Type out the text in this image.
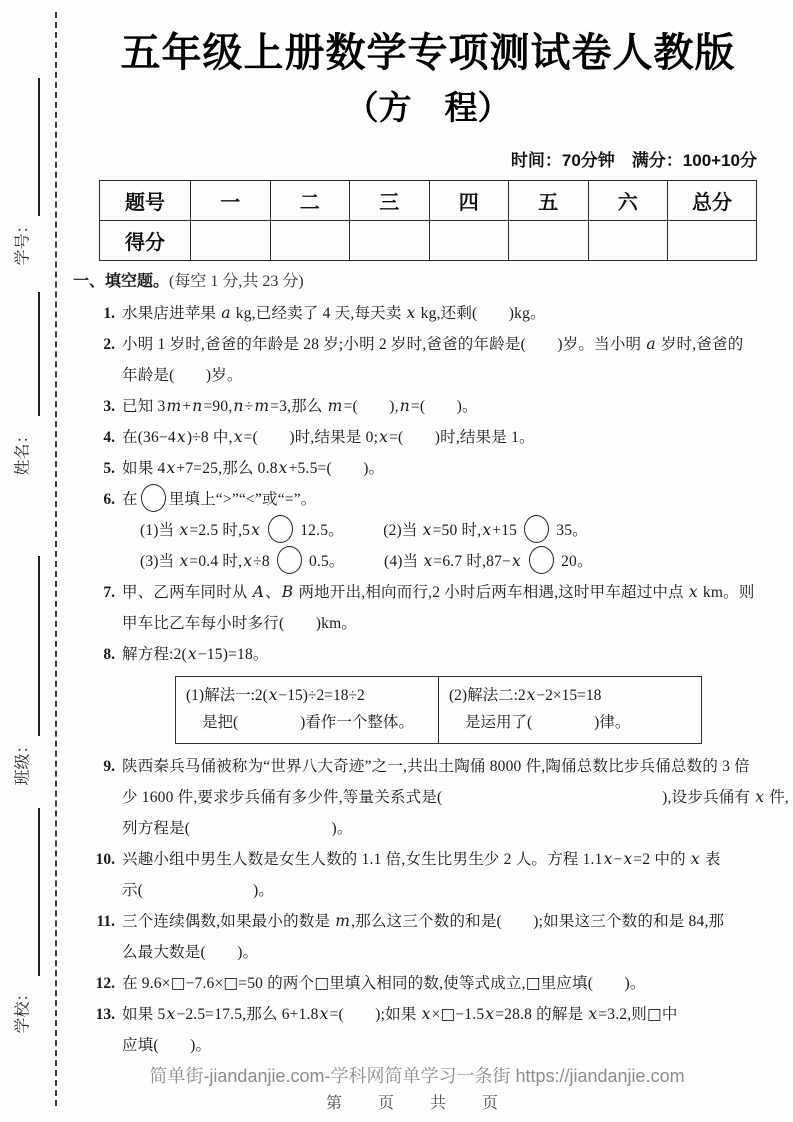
学号：
姓名：
班级：
学校：
五年级上册数学专项测试卷人教版
（方　程）
时间：70分钟　满分：100+10分
题号	一	二	三	四	五	六	总分
得分							
一、填空题。(每空 1 分,共 23 分)
1. 水果店进苹果 a kg,已经卖了 4 天,每天卖 x kg,还剩(　　)kg。
2. 小明 1 岁时,爸爸的年龄是 28 岁;小明 2 岁时,爸爸的年龄是(　　)岁。当小明 a 岁时,爸爸的
年龄是(　　)岁。
3. 已知 3m+n=90,n÷m=3,那么 m=(　　),n=(　　)。
4. 在(36−4x)÷8 中,x=(　　)时,结果是 0;x=(　　)时,结果是 1。
5. 如果 4x+7=25,那么 0.8x+5.5=(　　)。
6. 在 里填上“>”“<”或“=”。
(1)当 x=2.5 时,5x  12.5。　　　(2)当 x=50 时,x+15  35。
(3)当 x=0.4 时,x÷8  0.5。　　　(4)当 x=6.7 时,87−x  20。
7. 甲、乙两车同时从 A、B 两地开出,相向而行,2 小时后两车相遇,这时甲车超过中点 x km。则
甲车比乙车每小时多行(　　)km。
8. 解方程:2(x−15)=18。
(1)解法一:2(x−15)÷2=18÷2
是把(　　　　)看作一个整体。
(2)解法二:2x−2×15=18
是运用了(　　　　)律。
9. 陕西秦兵马俑被称为“世界八大奇迹”之一,共出土陶俑 8000 件,陶俑总数比步兵俑总数的 3 倍
少 1600 件,要求步兵俑有多少件,等量关系式是(　　　　　　　　　　　　　　),设步兵俑有 x 件,
列方程是(　　　　　　　　　)。
10. 兴趣小组中男生人数是女生人数的 1.1 倍,女生比男生少 2 人。方程 1.1x−x=2 中的 x 表
示(　　　　　　　)。
11. 三个连续偶数,如果最小的数是 m,那么这三个数的和是(　　);如果这三个数的和是 84,那
么最大数是(　　)。
12. 在 9.6×□−7.6×□=50 的两个□里填入相同的数,使等式成立,□里应填(　　)。
13. 如果 5x−2.5=17.5,那么 6+1.8x=(　　);如果 x×□−1.5x=28.8 的解是 x=3.2,则□中
应填(　　)。
简单街-jiandanjie.com-学科网简单学习一条街 https://jiandanjie.com
第　页　共　页
